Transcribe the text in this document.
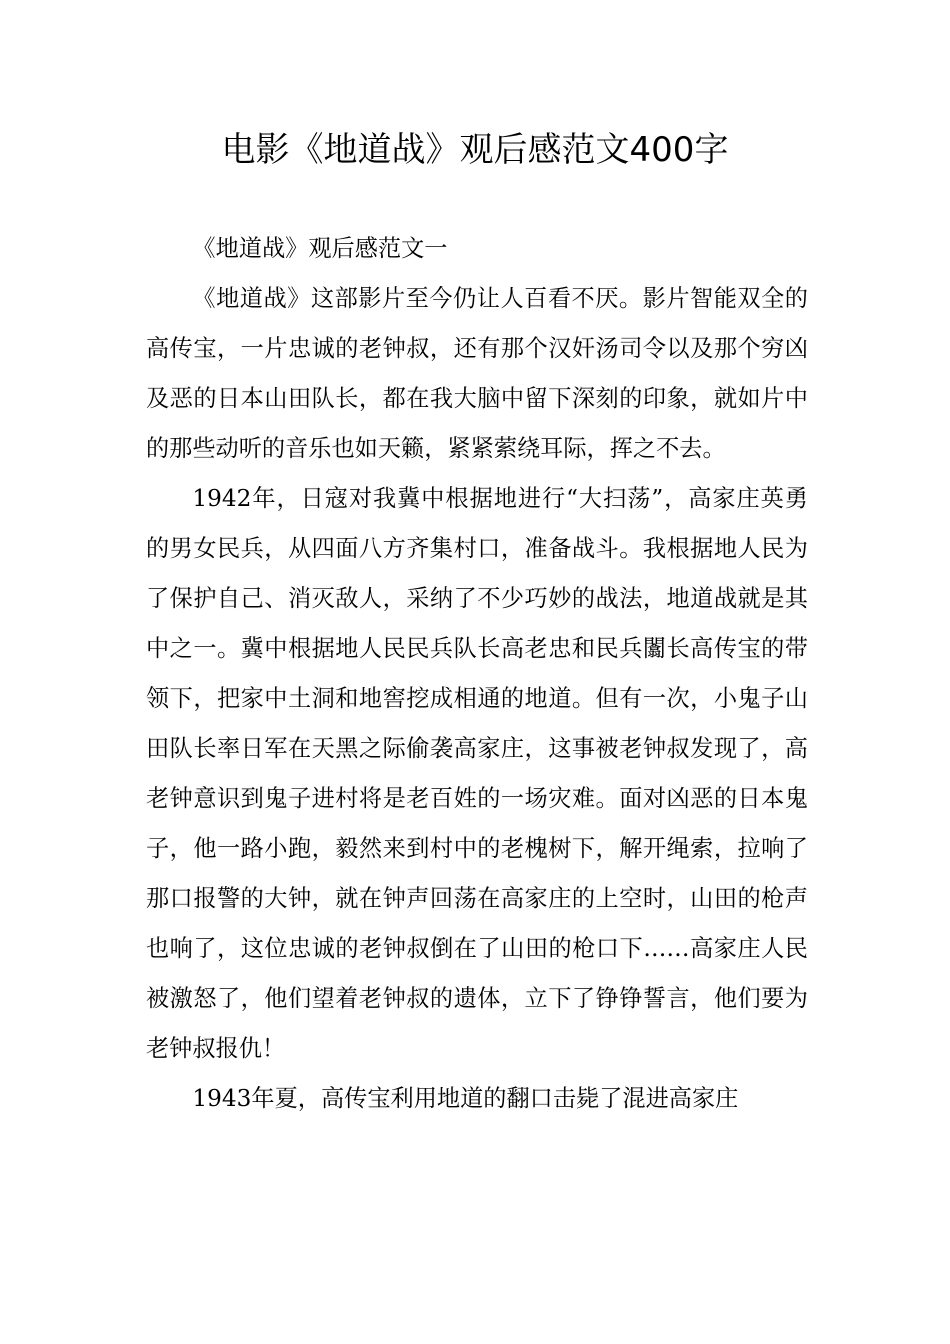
电影《地道战》观后感范文400字

《地道战》观后感范文一

《地道战》这部影片至今仍让人百看不厌。影片智能双全的高传宝，一片忠诚的老钟叔，还有那个汉奸汤司令以及那个穷凶及恶的日本山田队长，都在我大脑中留下深刻的印象，就如片中的那些动听的音乐也如天籁，紧紧萦绕耳际，挥之不去。

1942年，日寇对我冀中根据地进行“大扫荡”，高家庄英勇的男女民兵，从四面八方齐集村口，准备战斗。我根据地人民为了保护自己、消灭敌人，采纳了不少巧妙的战法，地道战就是其中之一。冀中根据地人民民兵队长高老忠和民兵闟长高传宝的带领下，把家中土洞和地窖挖成相通的地道。但有一次，小鬼子山田队长率日军在天黑之际偷袭高家庄，这事被老钟叔发现了，高老钟意识到鬼子进村将是老百姓的一场灾难。面对凶恶的日本鬼子，他一路小跑，毅然来到村中的老槐树下，解开绳索，拉响了那口报警的大钟，就在钟声回荡在高家庄的上空时，山田的枪声也响了，这位忠诚的老钟叔倒在了山田的枪口下……高家庄人民被激怒了，他们望着老钟叔的遗体，立下了铮铮誓言，他们要为老钟叔报仇！

1943年夏，高传宝利用地道的翻口击毙了混进高家庄
